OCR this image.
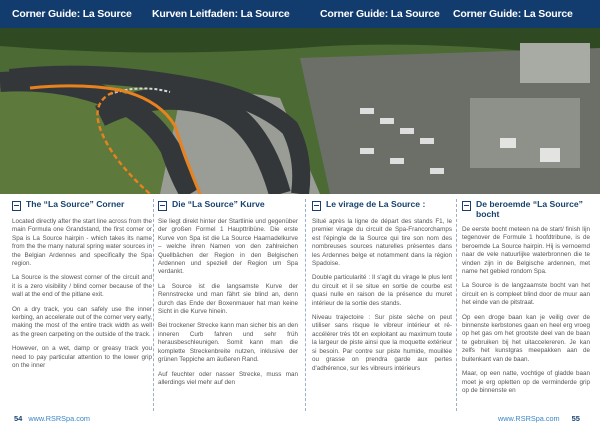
Corner Guide: La Source Kurven Leitfaden: La Source	Corner Guide: La Source Corner Guide: La Source
The “La Source” Corner

Located directly after the start line across from the main Formula one Grandstand, the first corner or Spa is La Source hairpin - which takes its name from the the many natural spring water sources in the Belgian Ardennes and specifically the Spa region.

La Source is the slowest corner of the circuit and it is a zero visibility / blind corner because of the wall at the end of the pitlane exit.

On a dry track, you can safely use the inner kerbing, an accelerate out of the corner very early, making the most of the entire track width as well as the green carpeting on the outside of the track.

However, on a wet, damp or greasy track you need to pay particular attention to the lower grip on the inner

Die “La Source” Kurve

Sie liegt direkt hinter der Startlinie und gegenüber der großen Formel 1 Haupttribüne. Die erste Kurve von Spa ist die La Source Haarnadelkurve – welche ihren Namen von den zahlreichen Quellbächen der Region in den Belgischen Ardennen und speziell der Region um Spa verdankt.

La Source ist die langsamste Kurve der Rennstrecke und man fährt sie blind an, denn durch das Ende der Boxenmauer hat man keine Sicht in die Kurve hinein.

Bei trockener Strecke kann man sicher bis an den inneren Curb fahren und sehr früh herausbeschleunigen. Somit kann man die komplette Streckenbreite nutzen, inklusive der grünen Teppiche am äußeren Rand.

Auf feuchter oder nasser Strecke, muss man allerdings viel mehr auf den

Le virage de La Source :

Situé après la ligne de départ des stands F1, le premier virage du circuit de Spa-Francorchamps est l'épingle de la Source qui tire son nom des nombreuses sources naturelles présentes dans les Ardennes belge et notamment dans la région Spadoise.

Double particularité : Il s'agit du virage le plus lent du circuit et il se situe en sortie de courbe est quasi nulle en raison de la présence du muret intérieur de la sortie des stands.

Niveau trajectoire : Sur piste sèche on peut utiliser sans risque le vibreur intérieur et ré-accélérer très tôt en exploitant au maximum toute la largeur de piste ainsi que la moquette extérieur si besoin. Par contre sur piste humide, mouillée ou grasse on prendra garde aux pertes d'adhérence, sur les vibreurs intérieurs

De beroemde “La Source” bocht

De eerste bocht meteen na de start/ finish lijn tegenover de Formule 1 hoofdtribune, is de beroemde La Source hairpin. Hij is vernoemd naar de vele natuurlijke waterbronnen die te vinden zijn in de Belgische ardennen, met name het gebied rondom Spa.

La Source is de langzaamste bocht van het circuit en is compleet blind door de muur aan het einde van de pitstraat.

Op een droge baan kan je veilig over de binnenste kerbstones gaan en heel erg vroeg op het gas om het grootste deel van de baan te gebruiken bij het uitaccelereren. Je kan zelfs het kunstgras meepakken aan de buitenkant van de baan.

Maar, op een natte, vochtige of gladde baan moet je erg opletten op de verminderde grip op de binnenste en

54 www.RSRSpa.com	www.RSRSpa.com 55
